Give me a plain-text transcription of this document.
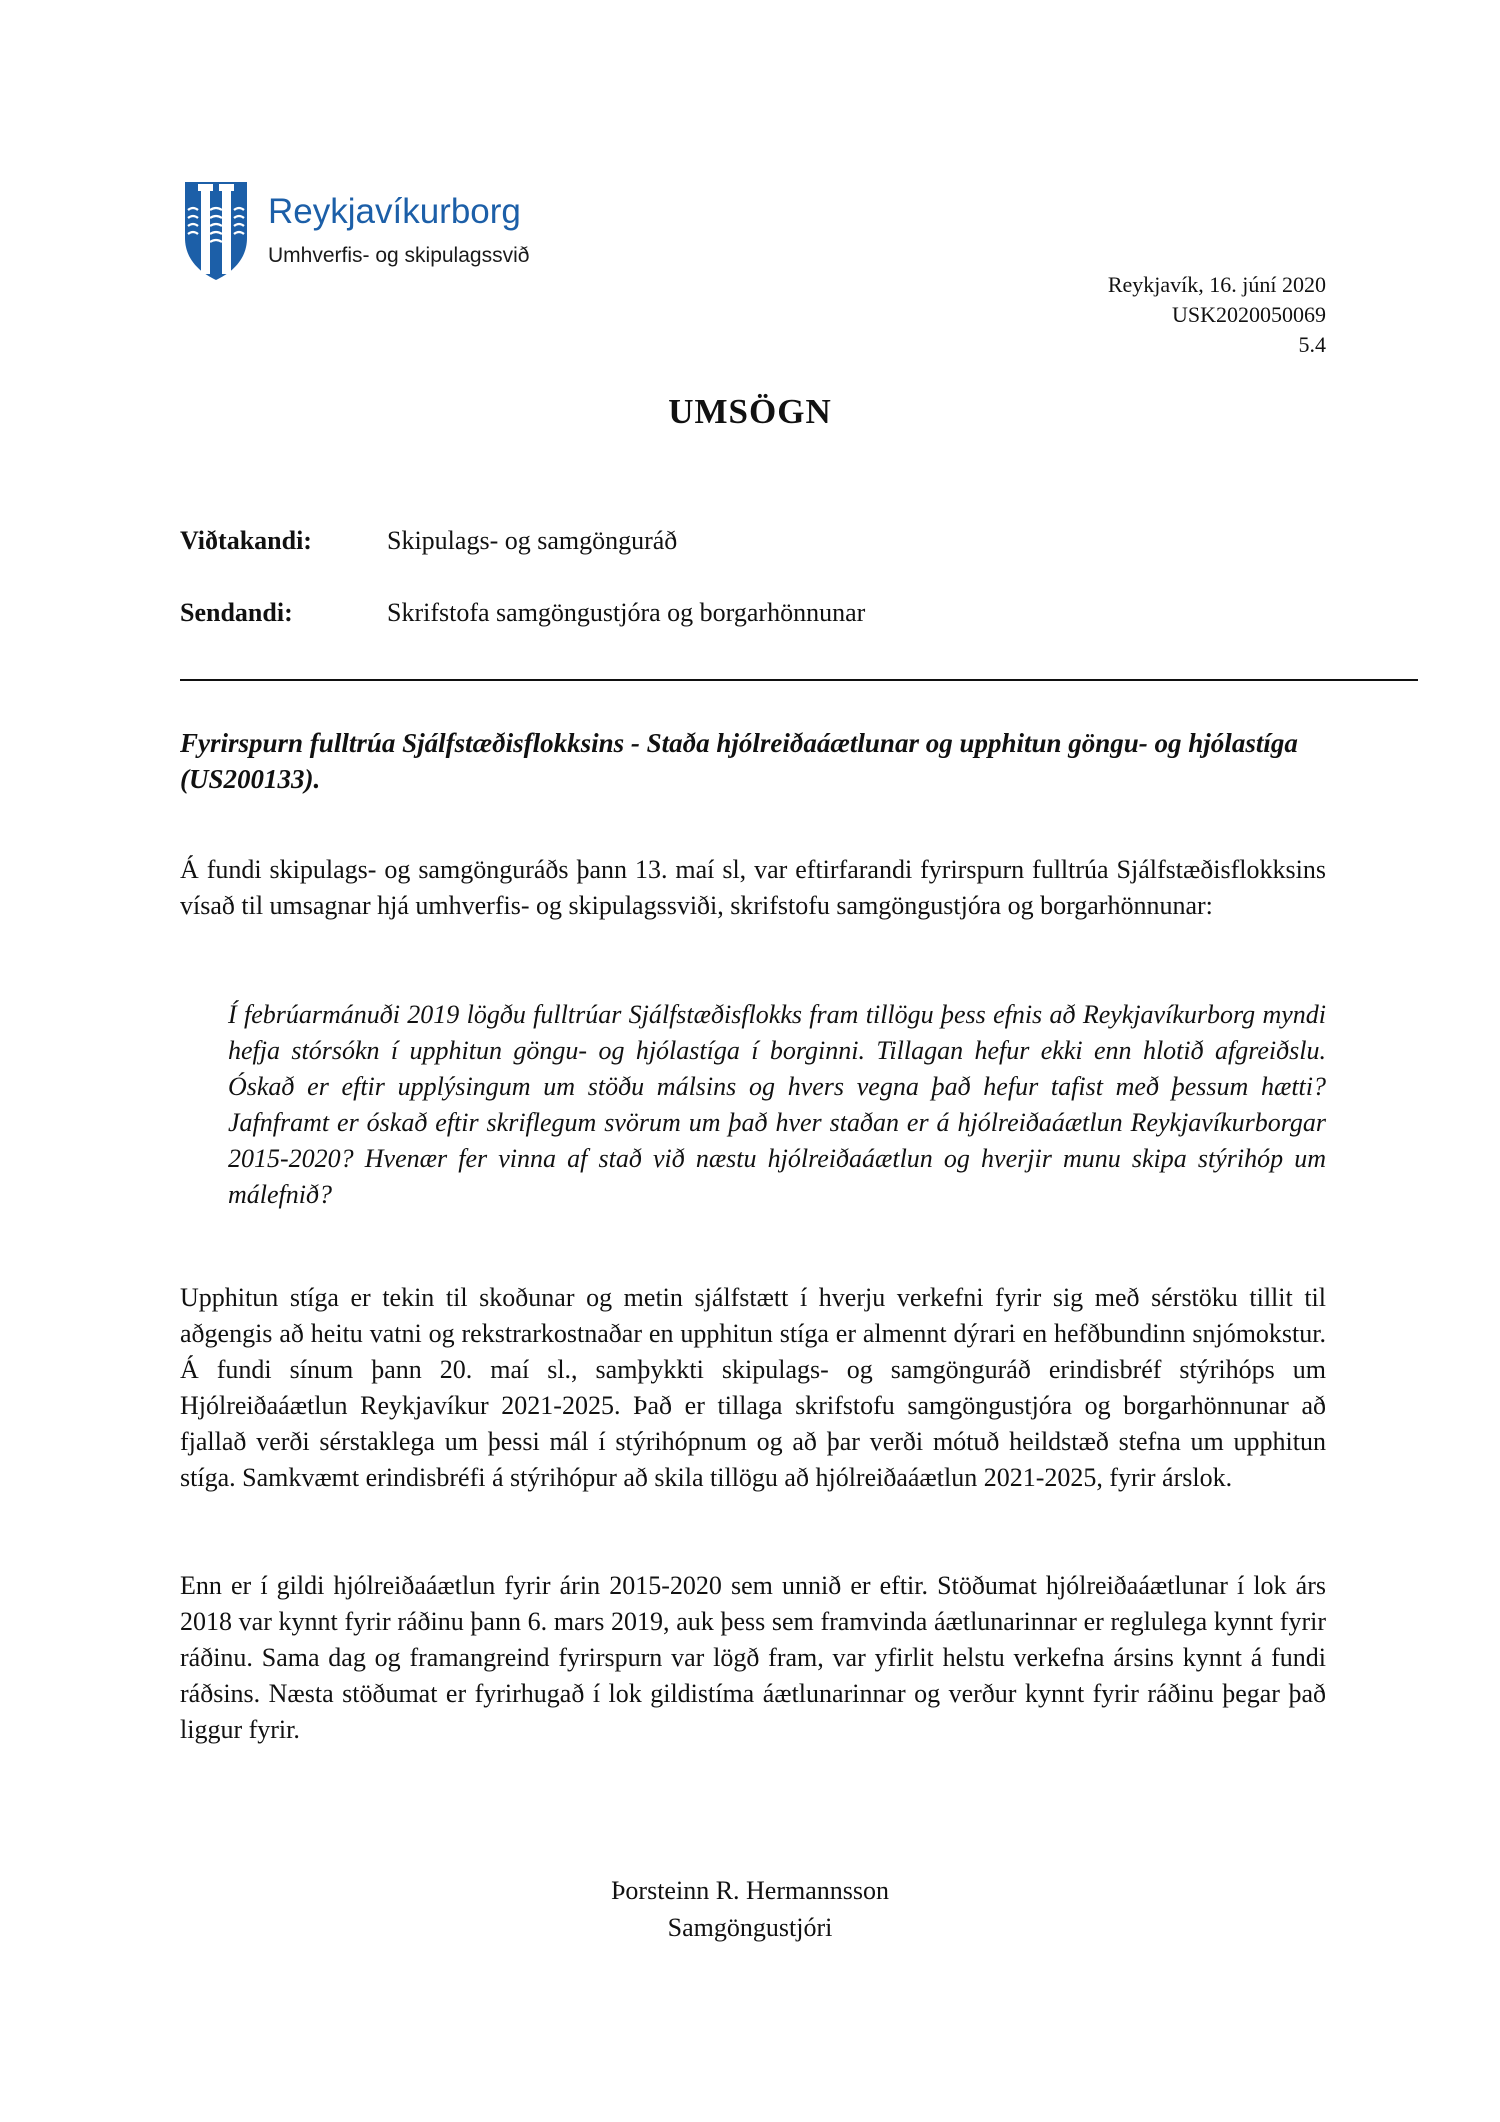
Reykjavíkurborg
Umhverfis- og skipulagssvið
Reykjavík, 16. júní 2020
USK2020050069
5.4
UMSÖGN
Viðtakandi:	Skipulags- og samgönguráð
Sendandi:	Skrifstofa samgöngustjóra og borgarhönnunar
Fyrirspurn fulltrúa Sjálfstæðisflokksins - Staða hjólreiðaáætlunar og upphitun göngu- og hjólastíga (US200133).

Á fundi skipulags- og samgönguráðs þann 13. maí sl, var eftirfarandi fyrirspurn fulltrúa Sjálfstæðisflokksins vísað til umsagnar hjá umhverfis- og skipulagssviði, skrifstofu samgöngustjóra og borgarhönnunar:

Í febrúarmánuði 2019 lögðu fulltrúar Sjálfstæðisflokks fram tillögu þess efnis að Reykjavíkurborg myndi hefja stórsókn í upphitun göngu- og hjólastíga í borginni. Tillagan hefur ekki enn hlotið afgreiðslu. Óskað er eftir upplýsingum um stöðu málsins og hvers vegna það hefur tafist með þessum hætti? Jafnframt er óskað eftir skriflegum svörum um það hver staðan er á hjólreiðaáætlun Reykjavíkurborgar 2015-2020? Hvenær fer vinna af stað við næstu hjólreiðaáætlun og hverjir munu skipa stýrihóp um málefnið?

Upphitun stíga er tekin til skoðunar og metin sjálfstætt í hverju verkefni fyrir sig með sérstöku tillit til aðgengis að heitu vatni og rekstrarkostnaðar en upphitun stíga er almennt dýrari en hefðbundinn snjómokstur. Á fundi sínum þann 20. maí sl., samþykkti skipulags- og samgönguráð erindisbréf stýrihóps um Hjólreiðaáætlun Reykjavíkur 2021-2025. Það er tillaga skrifstofu samgöngustjóra og borgarhönnunar að fjallað verði sérstaklega um þessi mál í stýrihópnum og að þar verði mótuð heildstæð stefna um upphitun stíga. Samkvæmt erindisbréfi á stýrihópur að skila tillögu að hjólreiðaáætlun 2021-2025, fyrir árslok.

Enn er í gildi hjólreiðaáætlun fyrir árin 2015-2020 sem unnið er eftir. Stöðumat hjólreiðaáætlunar í lok árs 2018 var kynnt fyrir ráðinu þann 6. mars 2019, auk þess sem framvinda áætlunarinnar er reglulega kynnt fyrir ráðinu. Sama dag og framangreind fyrirspurn var lögð fram, var yfirlit helstu verkefna ársins kynnt á fundi ráðsins. Næsta stöðumat er fyrirhugað í lok gildistíma áætlunarinnar og verður kynnt fyrir ráðinu þegar það liggur fyrir.

Þorsteinn R. Hermannsson
Samgöngustjóri
